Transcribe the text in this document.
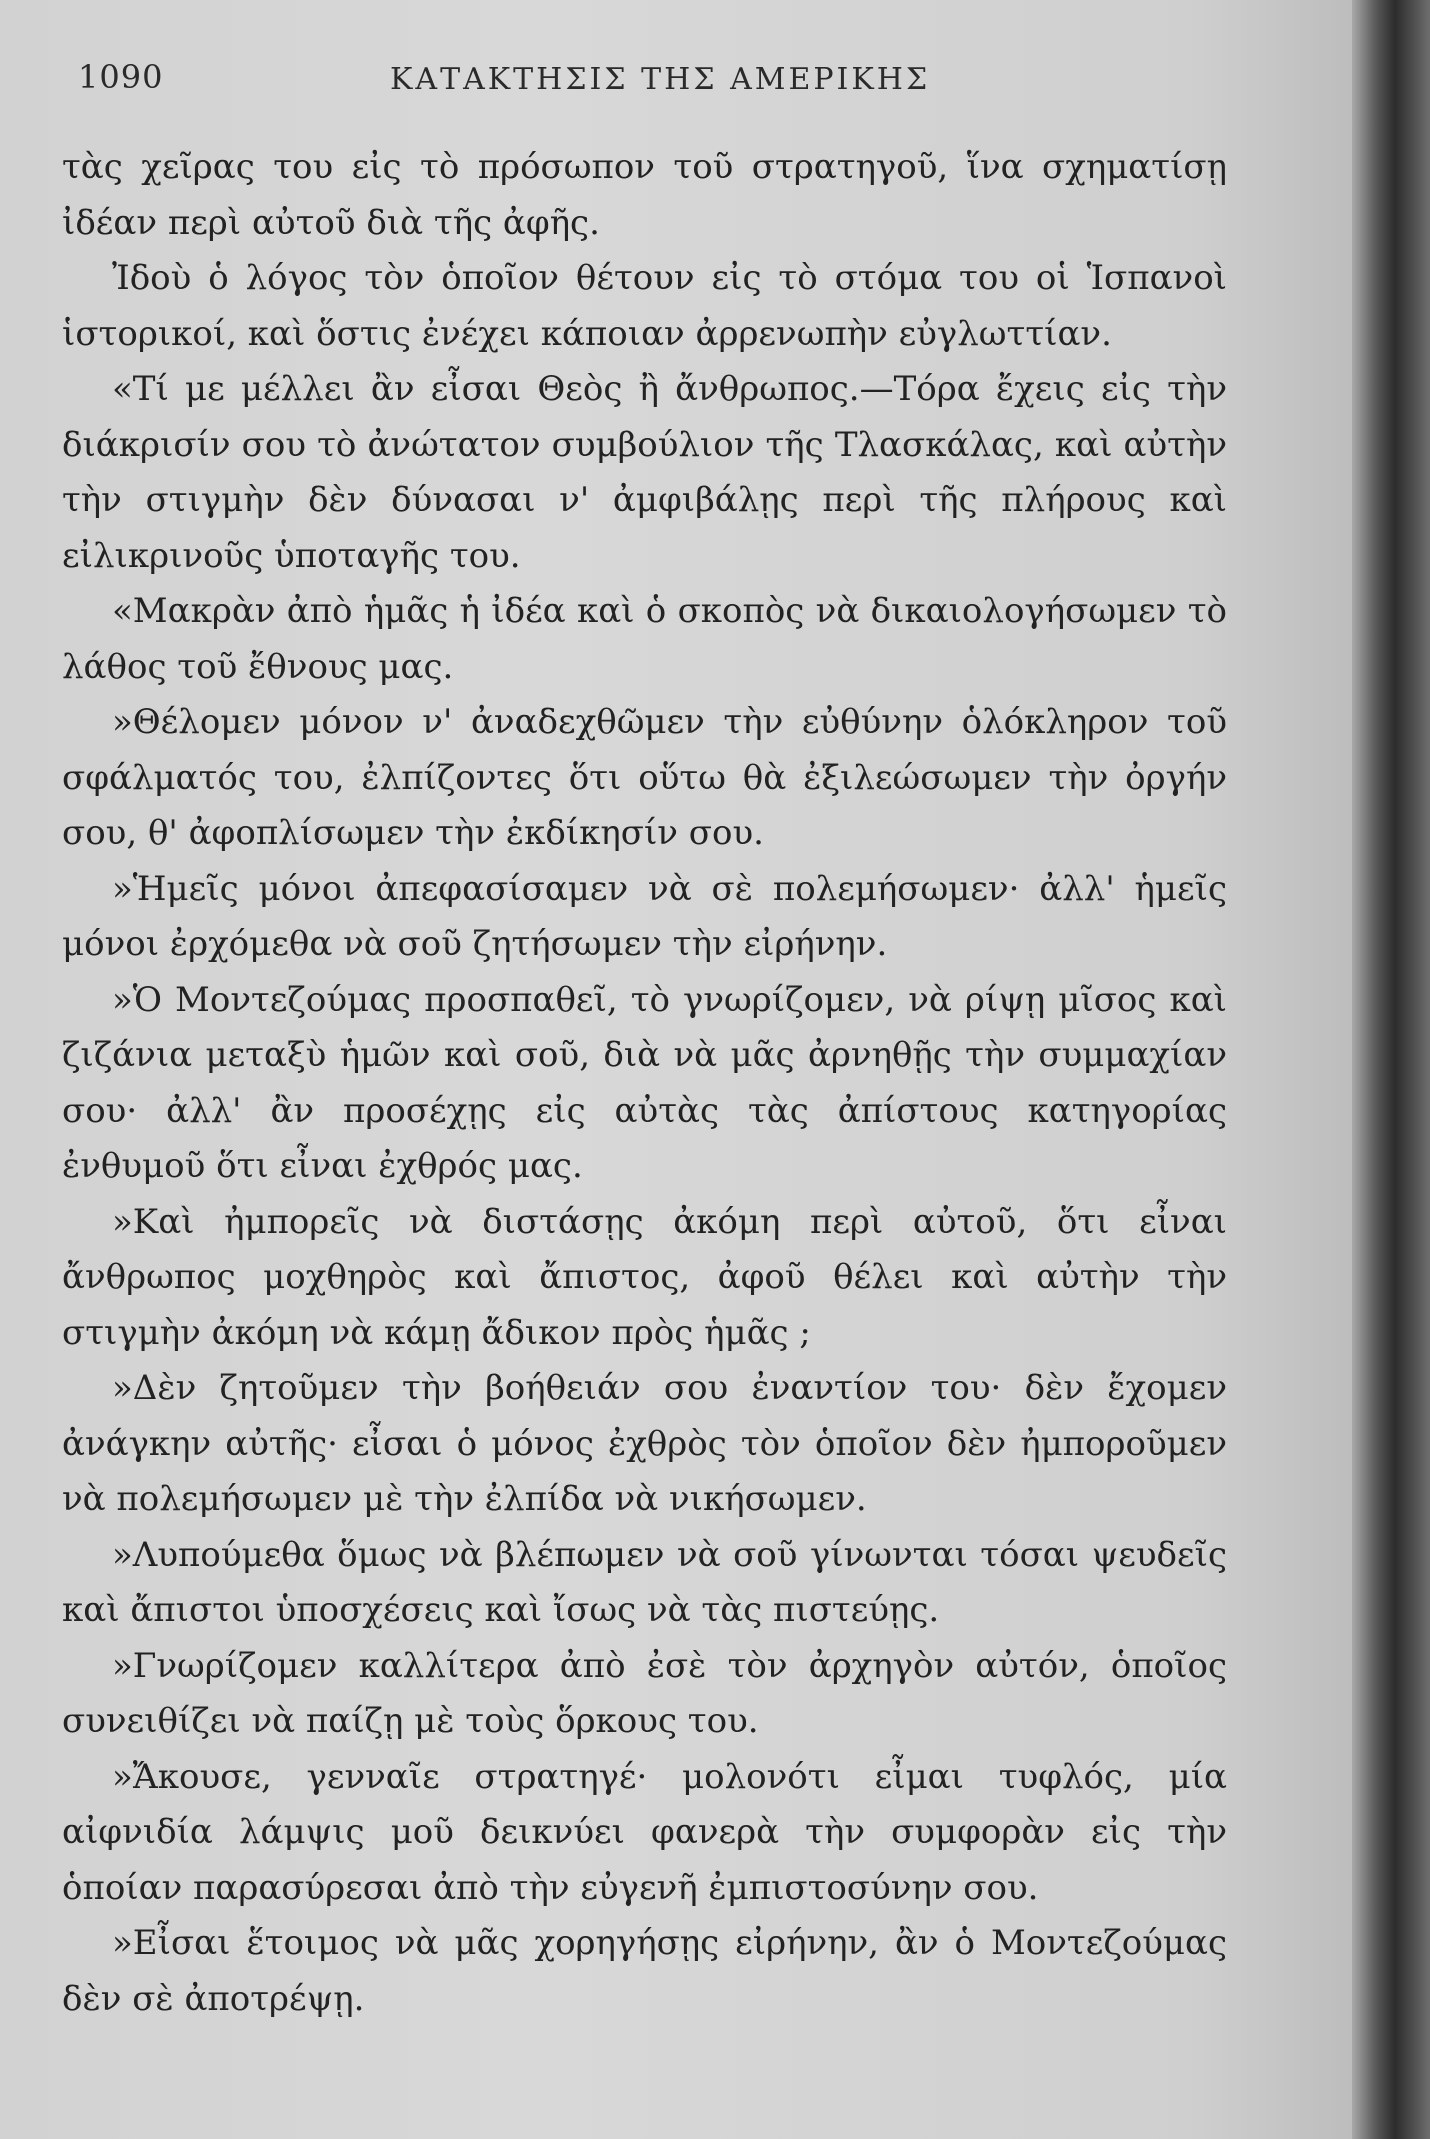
1090	ΚΑΤΑΚΤΗΣΙΣ ΤΗΣ ΑΜΕΡΙΚΗΣ

τὰς χεῖρας του εἰς τὸ πρόσωπον τοῦ στρατηγοῦ, ἵνα σχηματίσῃ ἰδέαν περὶ αὐτοῦ διὰ τῆς ἀφῆς.

Ἰδοὺ ὁ λόγος τὸν ὁποῖον θέτουν εἰς τὸ στόμα του οἱ Ἱσπανοὶ ἱστορικοί, καὶ ὅστις ἐνέχει κάποιαν ἀρρενωπὴν εὐγλωττίαν.

«Τί με μέλλει ἂν εἶσαι Θεὸς ἢ ἄνθρωπος.—Τόρα ἔχεις εἰς τὴν διάκρισίν σου τὸ ἀνώτατον συμβούλιον τῆς Τλασκάλας, καὶ αὐτὴν τὴν στιγμὴν δὲν δύνασαι ν' ἀμφιβάλῃς περὶ τῆς πλήρους καὶ εἰλικρινοῦς ὑποταγῆς του.

«Μακρὰν ἀπὸ ἡμᾶς ἡ ἰδέα καὶ ὁ σκοπὸς νὰ δικαιολογήσωμεν τὸ λάθος τοῦ ἔθνους μας.

»Θέλομεν μόνον ν' ἀναδεχθῶμεν τὴν εὐθύνην ὁλόκληρον τοῦ σφάλματός του, ἐλπίζοντες ὅτι οὕτω θὰ ἐξιλεώσωμεν τὴν ὀργήν σου, θ' ἀφοπλίσωμεν τὴν ἐκδίκησίν σου.

»Ἡμεῖς μόνοι ἀπεφασίσαμεν νὰ σὲ πολεμήσωμεν· ἀλλ' ἡμεῖς μόνοι ἐρχόμεθα νὰ σοῦ ζητήσωμεν τὴν εἰρήνην.

»Ὁ Μοντεζούμας προσπαθεῖ, τὸ γνωρίζομεν, νὰ ρίψῃ μῖσος καὶ ζιζάνια μεταξὺ ἡμῶν καὶ σοῦ, διὰ νὰ μᾶς ἀρνηθῇς τὴν συμμαχίαν σου· ἀλλ' ἂν προσέχῃς εἰς αὐτὰς τὰς ἀπίστους κατηγορίας ἐνθυμοῦ ὅτι εἶναι ἐχθρός μας.

»Καὶ ἠμπορεῖς νὰ διστάσῃς ἀκόμη περὶ αὐτοῦ, ὅτι εἶναι ἄνθρωπος μοχθηρὸς καὶ ἄπιστος, ἀφοῦ θέλει καὶ αὐτὴν τὴν στιγμὴν ἀκόμη νὰ κάμῃ ἄδικον πρὸς ἡμᾶς ;

»Δὲν ζητοῦμεν τὴν βοήθειάν σου ἐναντίον του· δὲν ἔχομεν ἀνάγκην αὐτῆς· εἶσαι ὁ μόνος ἐχθρὸς τὸν ὁποῖον δὲν ἠμποροῦμεν νὰ πολεμήσωμεν μὲ τὴν ἐλπίδα νὰ νικήσωμεν.

»Λυπούμεθα ὅμως νὰ βλέπωμεν νὰ σοῦ γίνωνται τόσαι ψευδεῖς καὶ ἄπιστοι ὑποσχέσεις καὶ ἴσως νὰ τὰς πιστεύῃς.

»Γνωρίζομεν καλλίτερα ἀπὸ ἐσὲ τὸν ἀρχηγὸν αὐτόν, ὁποῖος συνειθίζει νὰ παίζῃ μὲ τοὺς ὅρκους του.

»Ἄκουσε, γενναῖε στρατηγέ· μολονότι εἶμαι τυφλός, μία αἰφνιδία λάμψις μοῦ δεικνύει φανερὰ τὴν συμφορὰν εἰς τὴν ὁποίαν παρασύρεσαι ἀπὸ τὴν εὐγενῆ ἐμπιστοσύνην σου.

»Εἶσαι ἕτοιμος νὰ μᾶς χορηγήσῃς εἰρήνην, ἂν ὁ Μοντεζούμας δὲν σὲ ἀποτρέψῃ.
